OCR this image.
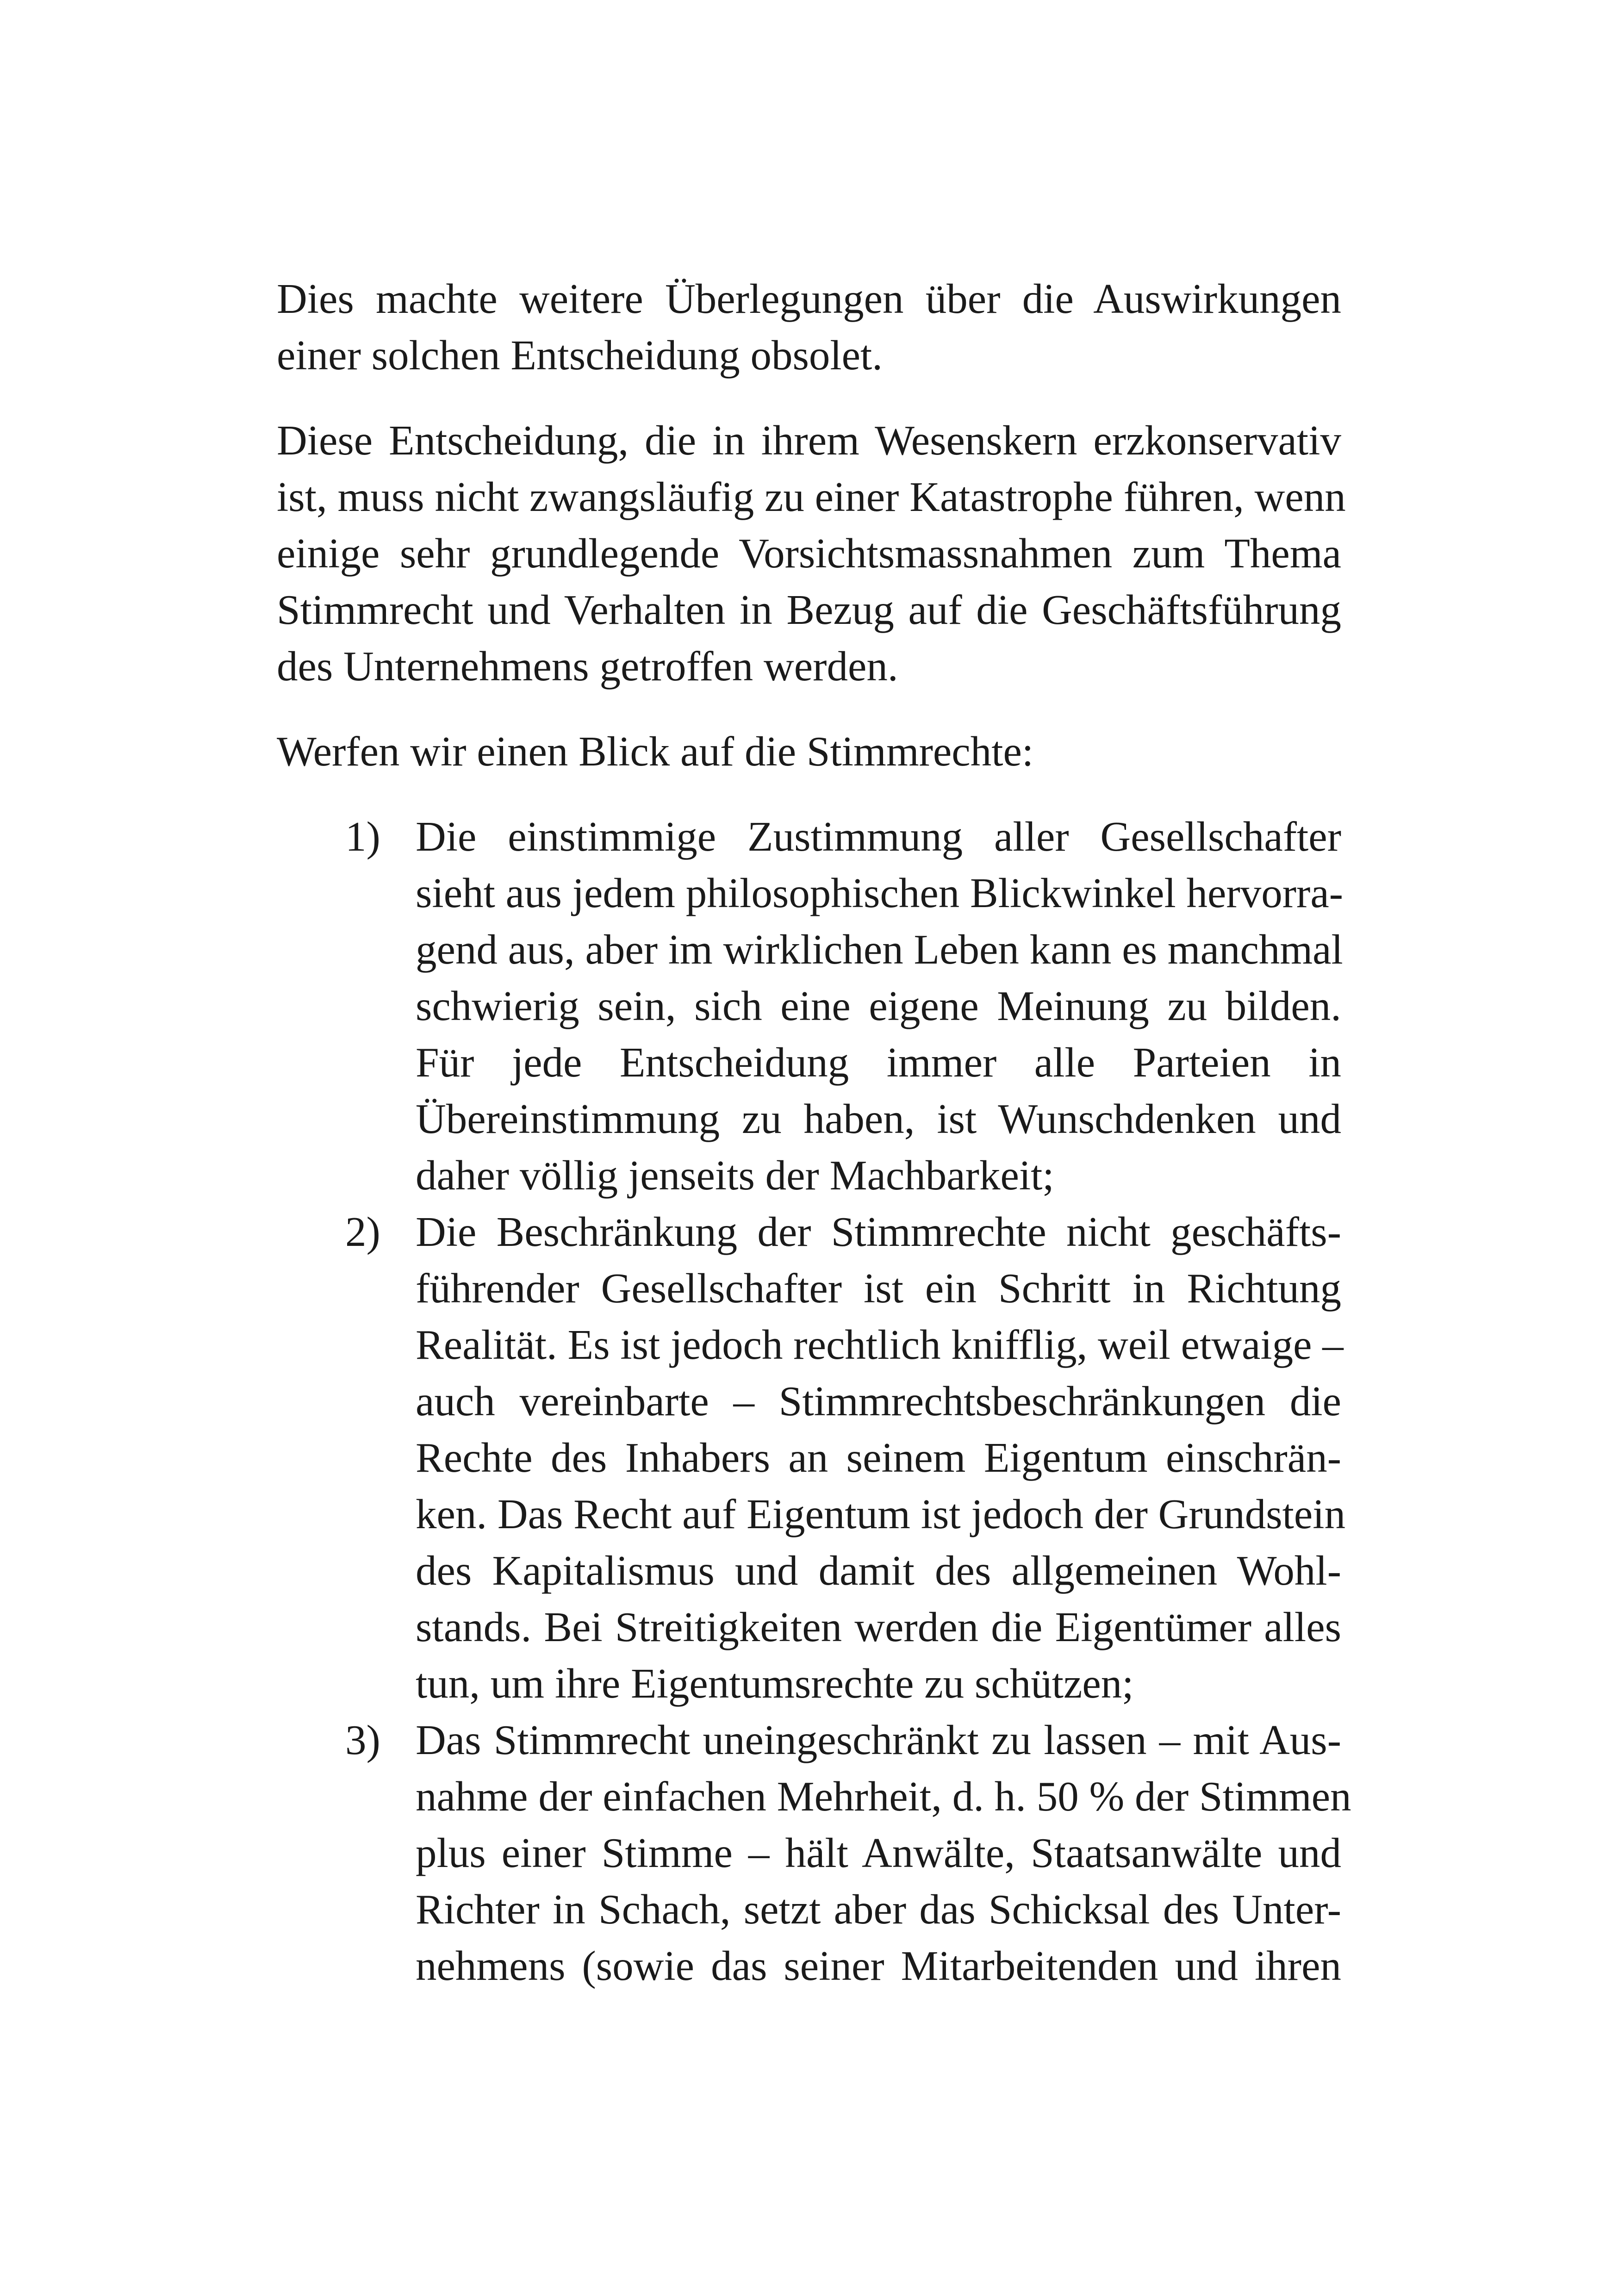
Dies machte weitere Überlegungen über die Auswirkungen
einer solchen Entscheidung obsolet.

Diese Entscheidung, die in ihrem Wesenskern erzkonservativ
ist, muss nicht zwangsläufig zu einer Katastrophe führen, wenn
einige sehr grundlegende Vorsichtsmassnahmen zum Thema
Stimmrecht und Verhalten in Bezug auf die Geschäftsführung
des Unternehmens getroffen werden.

Werfen wir einen Blick auf die Stimmrechte:

1) Die einstimmige Zustimmung aller Gesellschafter
sieht aus jedem philosophischen Blickwinkel hervorra-
gend aus, aber im wirklichen Leben kann es manchmal
schwierig sein, sich eine eigene Meinung zu bilden.
Für jede Entscheidung immer alle Parteien in
Übereinstimmung zu haben, ist Wunschdenken und
daher völlig jenseits der Machbarkeit;
2) Die Beschränkung der Stimmrechte nicht geschäfts-
führender Gesellschafter ist ein Schritt in Richtung
Realität. Es ist jedoch rechtlich knifflig, weil etwaige –
auch vereinbarte – Stimmrechtsbeschränkungen die
Rechte des Inhabers an seinem Eigentum einschrän-
ken. Das Recht auf Eigentum ist jedoch der Grundstein
des Kapitalismus und damit des allgemeinen Wohl-
stands. Bei Streitigkeiten werden die Eigentümer alles
tun, um ihre Eigentumsrechte zu schützen;
3) Das Stimmrecht uneingeschränkt zu lassen – mit Aus-
nahme der einfachen Mehrheit, d. h. 50 % der Stimmen
plus einer Stimme – hält Anwälte, Staatsanwälte und
Richter in Schach, setzt aber das Schicksal des Unter-
nehmens (sowie das seiner Mitarbeitenden und ihren
